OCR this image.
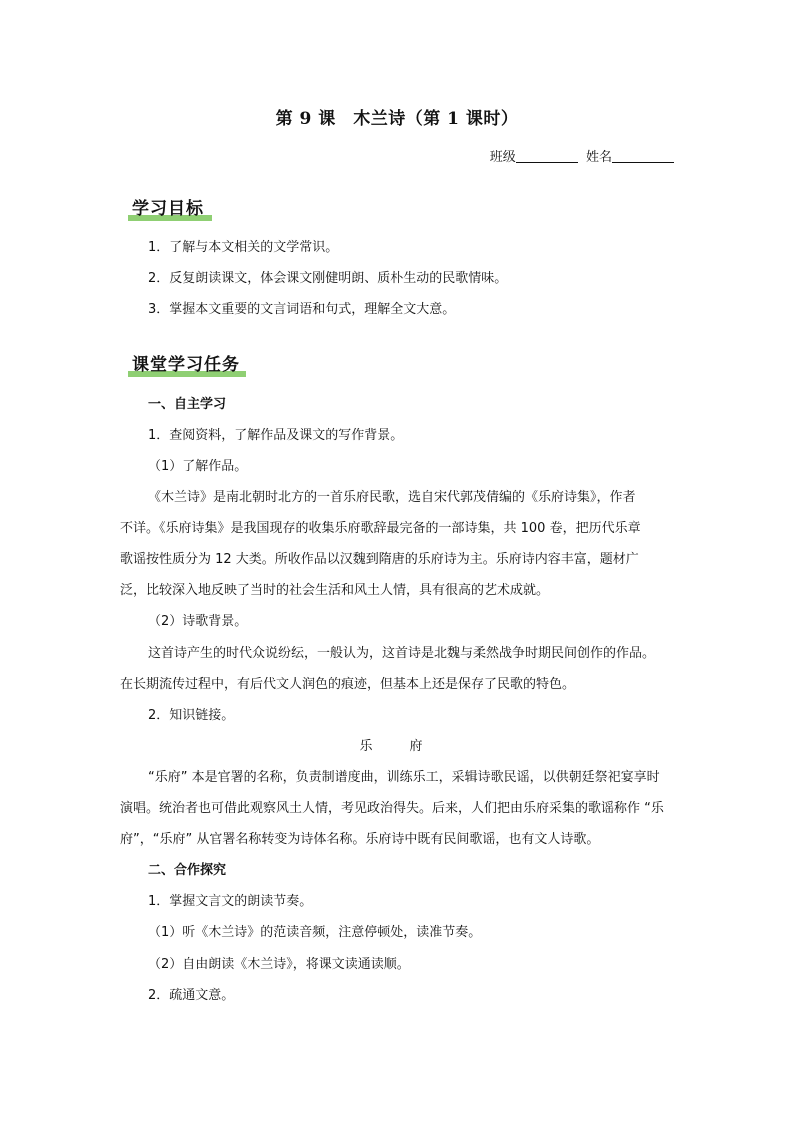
第 9 课　木兰诗（第 1 课时）
班级	姓名
学习目标
1．了解与本文相关的文学常识。
2．反复朗读课文，体会课文刚健明朗、质朴生动的民歌情味。
3．掌握本文重要的文言词语和句式，理解全文大意。
课堂学习任务
一、自主学习
1．查阅资料，了解作品及课文的写作背景。
（1）了解作品。
《木兰诗》是南北朝时北方的一首乐府民歌，选自宋代郭茂倩编的《乐府诗集》，作者
不详。《乐府诗集》是我国现存的收集乐府歌辞最完备的一部诗集，共 100 卷，把历代乐章
歌谣按性质分为 12 大类。所收作品以汉魏到隋唐的乐府诗为主。乐府诗内容丰富，题材广
泛，比较深入地反映了当时的社会生活和风土人情，具有很高的艺术成就。
（2）诗歌背景。
这首诗产生的时代众说纷纭，一般认为，这首诗是北魏与柔然战争时期民间创作的作品。
在长期流传过程中，有后代文人润色的痕迹，但基本上还是保存了民歌的特色。
2．知识链接。
乐　府
“乐府” 本是官署的名称，负责制谱度曲，训练乐工，采辑诗歌民谣，以供朝廷祭祀宴享时
演唱。统治者也可借此观察风土人情，考见政治得失。后来，人们把由乐府采集的歌谣称作 “乐
府”，“乐府” 从官署名称转变为诗体名称。乐府诗中既有民间歌谣，也有文人诗歌。
二、合作探究
1．掌握文言文的朗读节奏。
（1）听《木兰诗》的范读音频，注意停顿处，读准节奏。
（2）自由朗读《木兰诗》，将课文读通读顺。
2．疏通文意。
